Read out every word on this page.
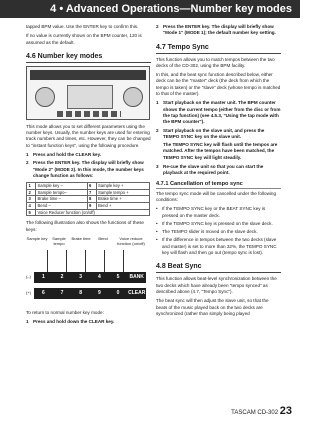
4 • Advanced Operations—Number key modes

tapped BPM value. Use the ENTER key to confirm this.

If no value is currently shown on the BPM counter, 120 is assumed as the default.

4.6 Number key modes

This mode allows you to set different parameters using the number keys. Usually, the number keys are used for entering track numbers and times, etc. However, they can be changed to "instant function keys", using the following procedure.

1 Press and hold the CLEAR key.
2 Press the ENTER key. The display will briefly show "Mode 2" (MODE 2). In this mode, the number keys change function as follows:
1	Sample key –	6	Sample key +
2	Sample tempo–	7	Sample tempo +
3	Brake time –	8	Brake time +
4	Bend –	9	Bend +
5	Voice Reducer function (on/off)		

The following illustration also shows the functions of these keys:

Sample key	Sample tempo
Brake time	Bend	Voice reduce function (on/off)
(–)	1	2	3	4	5	BANK
(+)	6	7	8	9	0	CLEAR

To return to normal number key mode:

1 Press and hold down the CLEAR key.
2 Press the ENTER key. The display will briefly show "Mode 1" (MODE 1); the default number key setting.
4.7 Tempo Sync

This function allows you to match tempos between the two decks of the CD-302, using the BPM facility.

In this, and the beat sync function described below, either deck can be the "master" deck (the deck from which the tempo is taken) or the "slave" deck (whose tempo is matched to that of the master).

1 Start playback on the master unit. The BPM counter shows the current tempo (either from the disc or from the tap function) (see 4.5.3, "Using the tap mode with the BPM counter").
2 Start playback on the slave unit, and press the TEMPO SYNC key on the slave unit.

The TEMPO SYNC key will flash until the tempos are matched. After the tempos have been matched, the TEMPO SYNC key will light steadily.

3 Re-cue the slave unit so that you can start the playback at the required point.
4.7.1 Cancellation of tempo sync

The tempo sync mode will be cancelled under the following conditions:

• If the TEMPO SYNC key or the BEAT SYNC key is pressed on the master deck.
• If the TEMPO SYNC key is pressed on the slave deck.
• The TEMPO slider is moved on the slave deck.
• If the difference in tempos between the two decks (slave and master) is set to more than 32%, the TEMPO SYNC key will flash and then go out (tempo sync is lost).
4.8 Beat Sync

This function allows beat-level synchronization between the two decks which have already been "tempo synced" as described above (4.7, "Tempo Sync").

The beat sync will then adjust the slave unit, so that the beats of the music played back on the two decks are synchronized (rather than simply being played

TASCAM CD-302 23
